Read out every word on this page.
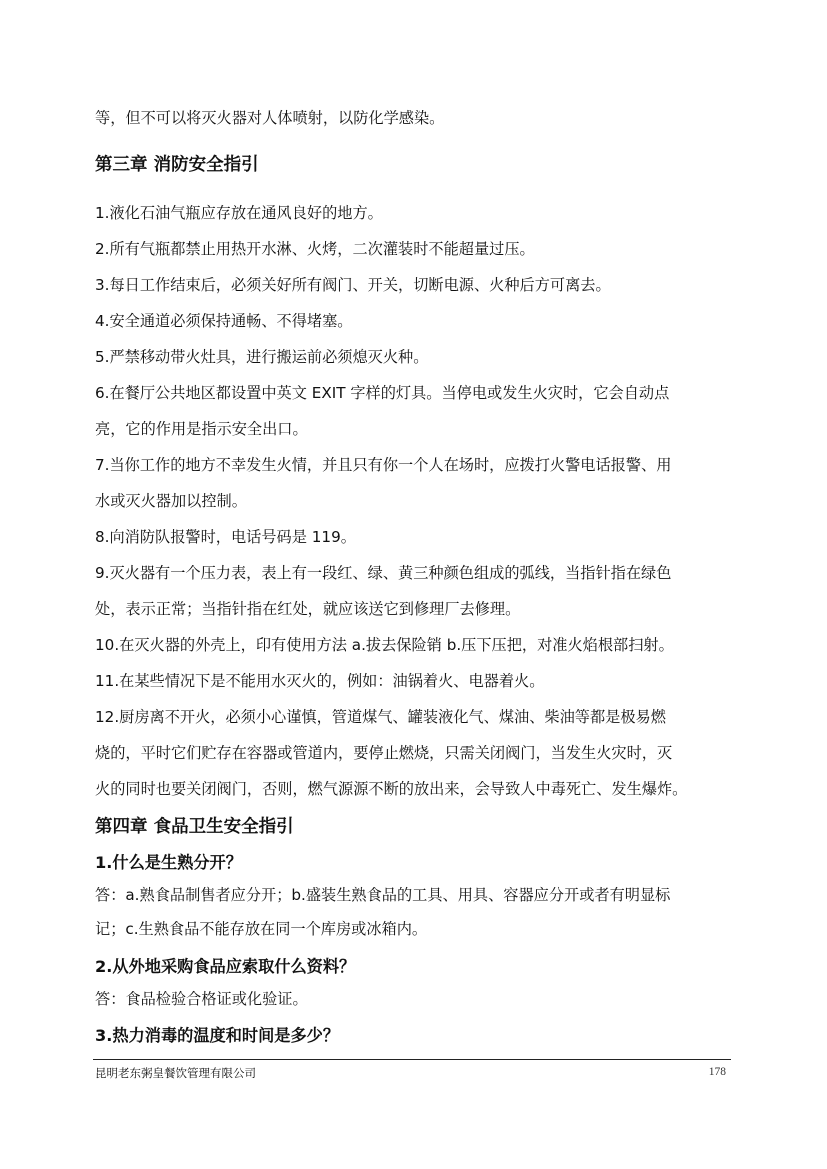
等，但不可以将灭火器对人体喷射，以防化学感染。
第三章 消防安全指引
1.液化石油气瓶应存放在通风良好的地方。
2.所有气瓶都禁止用热开水淋、火烤，二次灌装时不能超量过压。
3.每日工作结束后，必须关好所有阀门、开关，切断电源、火种后方可离去。
4.安全通道必须保持通畅、不得堵塞。
5.严禁移动带火灶具，进行搬运前必须熄灭火种。
6.在餐厅公共地区都设置中英文 EXIT 字样的灯具。当停电或发生火灾时，它会自动点
亮，它的作用是指示安全出口。
7.当你工作的地方不幸发生火情，并且只有你一个人在场时，应拨打火警电话报警、用
水或灭火器加以控制。
8.向消防队报警时，电话号码是 119。
9.灭火器有一个压力表，表上有一段红、绿、黄三种颜色组成的弧线，当指针指在绿色
处，表示正常；当指针指在红处，就应该送它到修理厂去修理。
10.在灭火器的外壳上，印有使用方法 a.拔去保险销 b.压下压把，对准火焰根部扫射。
11.在某些情况下是不能用水灭火的，例如：油锅着火、电器着火。
12.厨房离不开火，必须小心谨慎，管道煤气、罐装液化气、煤油、柴油等都是极易燃
烧的，平时它们贮存在容器或管道内，要停止燃烧，只需关闭阀门，当发生火灾时，灭
火的同时也要关闭阀门，否则，燃气源源不断的放出来，会导致人中毒死亡、发生爆炸。
第四章 食品卫生安全指引
1.什么是生熟分开？
答：a.熟食品制售者应分开；b.盛装生熟食品的工具、用具、容器应分开或者有明显标
记；c.生熟食品不能存放在同一个库房或冰箱内。
2.从外地采购食品应索取什么资料？
答：食品检验合格证或化验证。
3.热力消毒的温度和时间是多少？
昆明老东粥皇餐饮管理有限公司	178
